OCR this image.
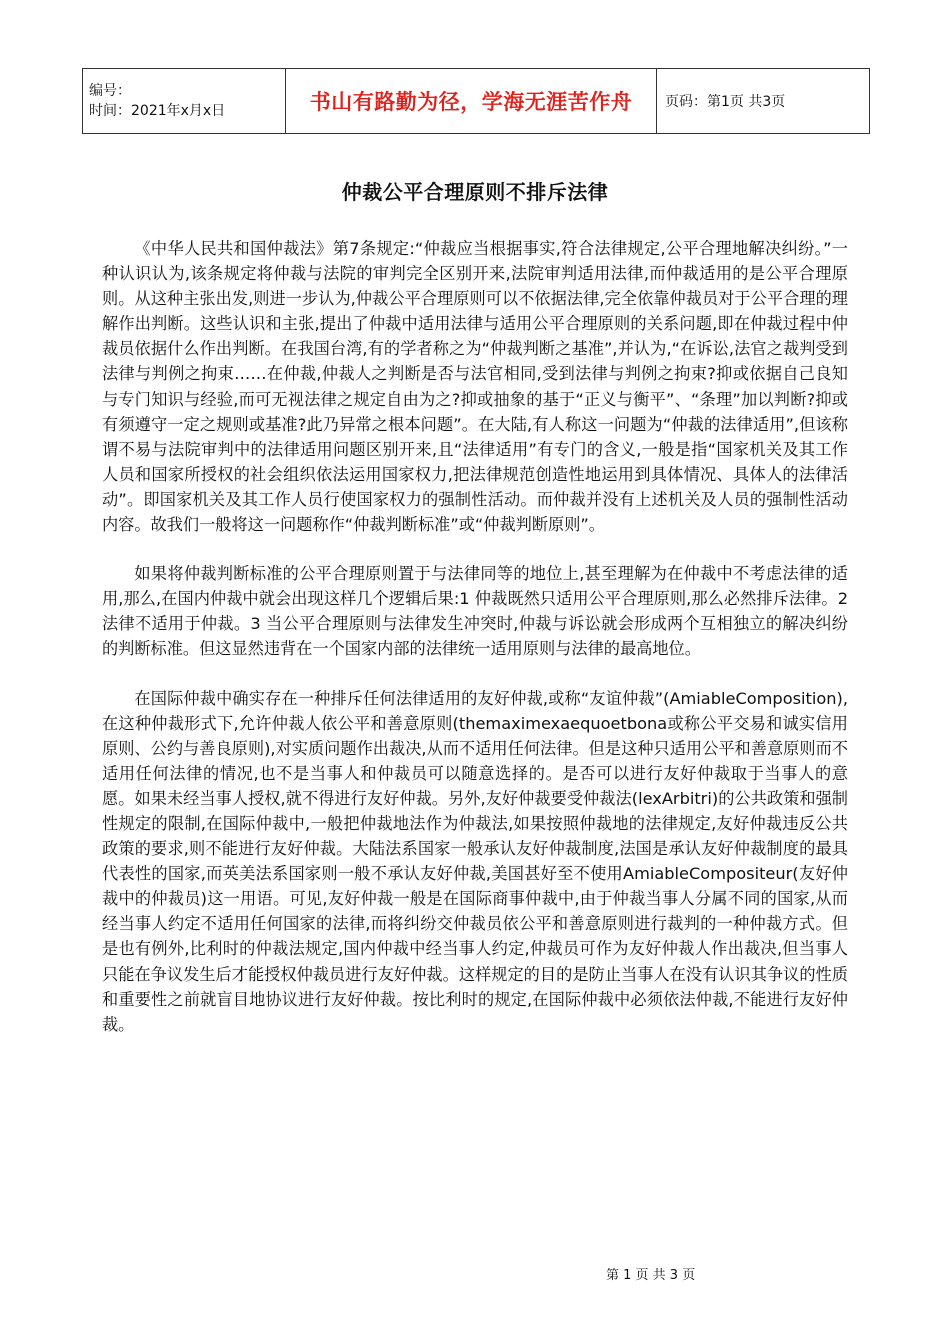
编号：
时间：2021年x月x日	书山有路勤为径，学海无涯苦作舟	页码：第1页 共3页
仲裁公平合理原则不排斥法律

《中华人民共和国仲裁法》第7条规定:“仲裁应当根据事实,符合法律规定,公平合理地解决纠纷。”一种认识认为,该条规定将仲裁与法院的审判完全区别开来,法院审判适用法律,而仲裁适用的是公平合理原则。从这种主张出发,则进一步认为,仲裁公平合理原则可以不依据法律,完全依靠仲裁员对于公平合理的理解作出判断。这些认识和主张,提出了仲裁中适用法律与适用公平合理原则的关系问题,即在仲裁过程中仲裁员依据什么作出判断。在我国台湾,有的学者称之为“仲裁判断之基准”,并认为,“在诉讼,法官之裁判受到法律与判例之拘束……在仲裁,仲裁人之判断是否与法官相同,受到法律与判例之拘束?抑或依据自己良知与专门知识与经验,而可无视法律之规定自由为之?抑或抽象的基于“正义与衡平”、“条理”加以判断?抑或有须遵守一定之规则或基准?此乃异常之根本问题”。在大陆,有人称这一问题为“仲裁的法律适用”,但该称谓不易与法院审判中的法律适用问题区别开来,且“法律适用”有专门的含义,一般是指“国家机关及其工作人员和国家所授权的社会组织依法运用国家权力,把法律规范创造性地运用到具体情况、具体人的法律活动”。即国家机关及其工作人员行使国家权力的强制性活动。而仲裁并没有上述机关及人员的强制性活动内容。故我们一般将这一问题称作“仲裁判断标准”或“仲裁判断原则”。

如果将仲裁判断标准的公平合理原则置于与法律同等的地位上,甚至理解为在仲裁中不考虑法律的适用,那么,在国内仲裁中就会出现这样几个逻辑后果:1 仲裁既然只适用公平合理原则,那么必然排斥法律。2 法律不适用于仲裁。3 当公平合理原则与法律发生冲突时,仲裁与诉讼就会形成两个互相独立的解决纠纷的判断标准。但这显然违背在一个国家内部的法律统一适用原则与法律的最高地位。

在国际仲裁中确实存在一种排斥任何法律适用的友好仲裁,或称“友谊仲裁”(AmiableComposition),在这种仲裁形式下,允许仲裁人依公平和善意原则(themaximexaequoetbona或称公平交易和诚实信用原则、公约与善良原则),对实质问题作出裁决,从而不适用任何法律。但是这种只适用公平和善意原则而不适用任何法律的情况,也不是当事人和仲裁员可以随意选择的。是否可以进行友好仲裁取于当事人的意愿。如果未经当事人授权,就不得进行友好仲裁。另外,友好仲裁要受仲裁法(lexArbitri)的公共政策和强制性规定的限制,在国际仲裁中,一般把仲裁地法作为仲裁法,如果按照仲裁地的法律规定,友好仲裁违反公共政策的要求,则不能进行友好仲裁。大陆法系国家一般承认友好仲裁制度,法国是承认友好仲裁制度的最具代表性的国家,而英美法系国家则一般不承认友好仲裁,美国甚好至不使用AmiableCompositeur(友好仲裁中的仲裁员)这一用语。可见,友好仲裁一般是在国际商事仲裁中,由于仲裁当事人分属不同的国家,从而经当事人约定不适用任何国家的法律,而将纠纷交仲裁员依公平和善意原则进行裁判的一种仲裁方式。但是也有例外,比利时的仲裁法规定,国内仲裁中经当事人约定,仲裁员可作为友好仲裁人作出裁决,但当事人只能在争议发生后才能授权仲裁员进行友好仲裁。这样规定的目的是防止当事人在没有认识其争议的性质和重要性之前就盲目地协议进行友好仲裁。按比利时的规定,在国际仲裁中必须依法仲裁,不能进行友好仲裁。

第 1 页 共 3 页
